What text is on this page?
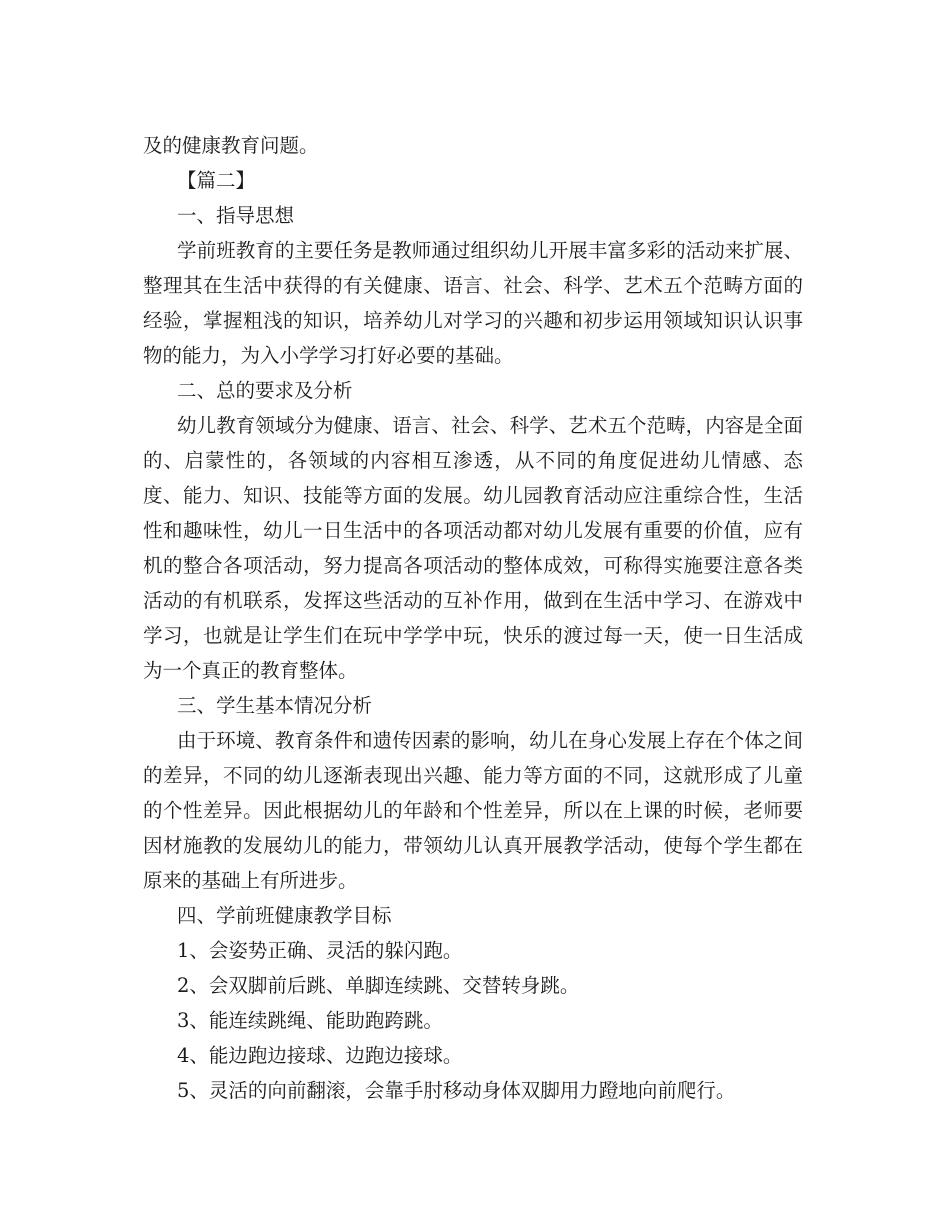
及的健康教育问题。

【篇二】

一、指导思想

学前班教育的主要任务是教师通过组织幼儿开展丰富多彩的活动来扩展、整理其在生活中获得的有关健康、语言、社会、科学、艺术五个范畴方面的经验，掌握粗浅的知识，培养幼儿对学习的兴趣和初步运用领域知识认识事物的能力，为入小学学习打好必要的基础。

二、总的要求及分析

幼儿教育领域分为健康、语言、社会、科学、艺术五个范畴，内容是全面的、启蒙性的，各领域的内容相互渗透，从不同的角度促进幼儿情感、态度、能力、知识、技能等方面的发展。幼儿园教育活动应注重综合性，生活性和趣味性，幼儿一日生活中的各项活动都对幼儿发展有重要的价值，应有机的整合各项活动，努力提高各项活动的整体成效，可称得实施要注意各类活动的有机联系，发挥这些活动的互补作用，做到在生活中学习、在游戏中学习，也就是让学生们在玩中学学中玩，快乐的渡过每一天，使一日生活成为一个真正的教育整体。

三、学生基本情况分析

由于环境、教育条件和遗传因素的影响，幼儿在身心发展上存在个体之间的差异，不同的幼儿逐渐表现出兴趣、能力等方面的不同，这就形成了儿童的个性差异。因此根据幼儿的年龄和个性差异，所以在上课的时候，老师要因材施教的发展幼儿的能力，带领幼儿认真开展教学活动，使每个学生都在原来的基础上有所进步。

四、学前班健康教学目标

1、会姿势正确、灵活的躲闪跑。

2、会双脚前后跳、单脚连续跳、交替转身跳。

3、能连续跳绳、能助跑跨跳。

4、能边跑边接球、边跑边接球。

5、灵活的向前翻滚，会靠手肘移动身体双脚用力蹬地向前爬行。
